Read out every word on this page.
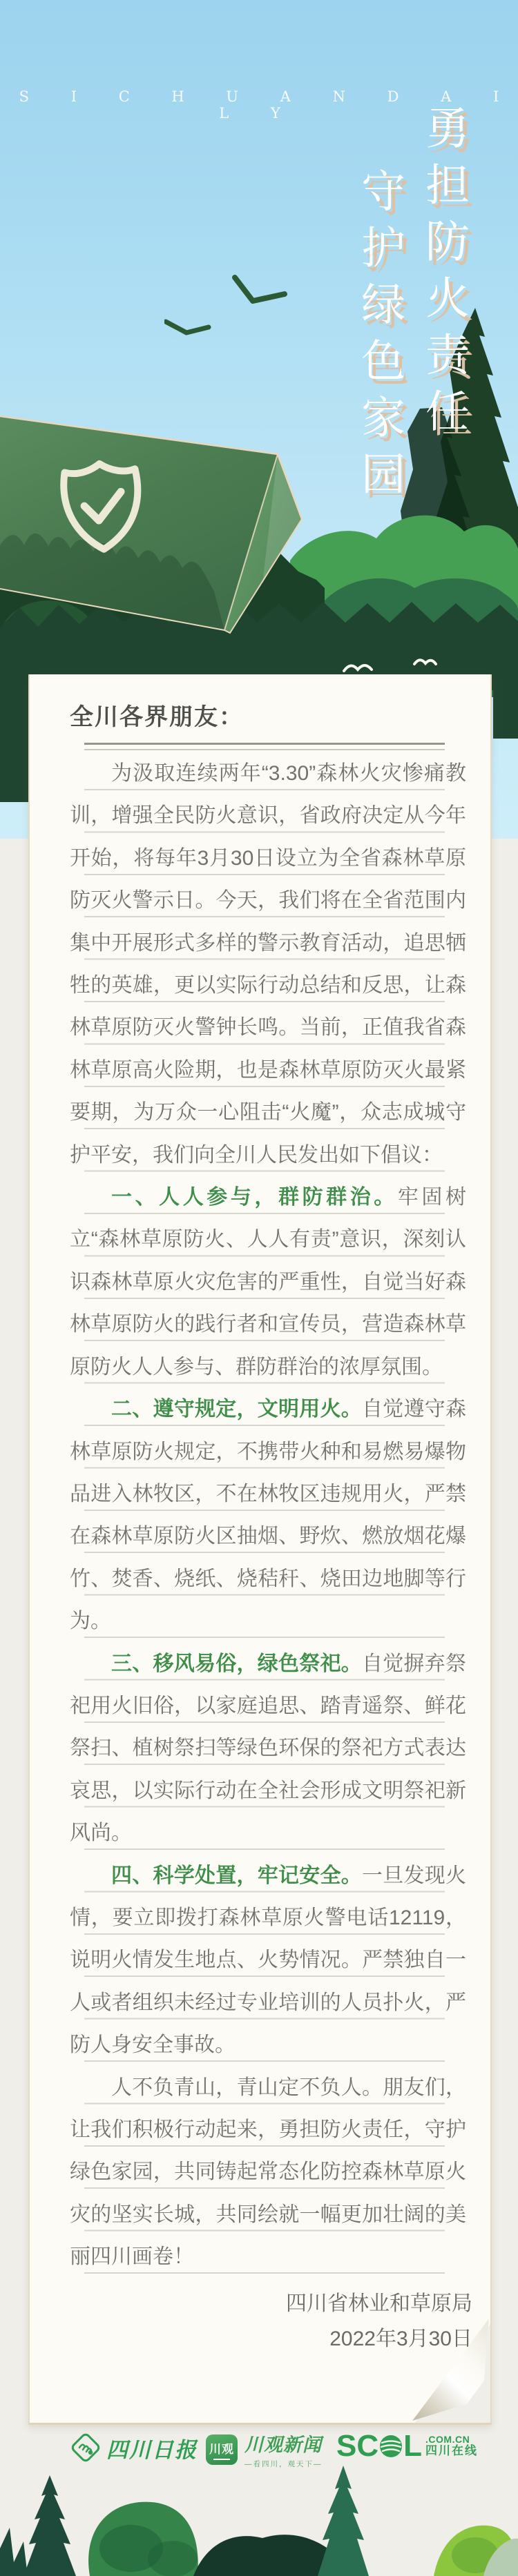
S I C H U A N D A I L Y	勇担防火责任
守护绿色家园
全川各界朋友：

为汲取连续两年“3.30”森林火灾惨痛教训，增强全民防火意识，省政府决定从今年开始，将每年3月30日设立为全省森林草原防灭火警示日。今天，我们将在全省范围内集中开展形式多样的警示教育活动，追思牺牲的英雄，更以实际行动总结和反思，让森林草原防灭火警钟长鸣。当前，正值我省森林草原高火险期，也是森林草原防灭火最紧要期，为万众一心阻击“火魔”，众志成城守护平安，我们向全川人民发出如下倡议：

一、人人参与，群防群治。牢固树立“森林草原防火、人人有责”意识，深刻认识森林草原火灾危害的严重性，自觉当好森林草原防火的践行者和宣传员，营造森林草原防火人人参与、群防群治的浓厚氛围。

二、遵守规定，文明用火。自觉遵守森林草原防火规定，不携带火种和易燃易爆物品进入林牧区，不在林牧区违规用火，严禁在森林草原防火区抽烟、野炊、燃放烟花爆竹、焚香、烧纸、烧秸秆、烧田边地脚等行为。

三、移风易俗，绿色祭祀。自觉摒弃祭祀用火旧俗，以家庭追思、踏青遥祭、鲜花祭扫、植树祭扫等绿色环保的祭祀方式表达哀思，以实际行动在全社会形成文明祭祀新风尚。

四、科学处置，牢记安全。一旦发现火情，要立即拨打森林草原火警电话12119，说明火情发生地点、火势情况。严禁独自一人或者组织未经过专业培训的人员扑火，严防人身安全事故。

人不负青山，青山定不负人。朋友们，让我们积极行动起来，勇担防火责任，守护绿色家园，共同铸起常态化防控森林草原火灾的坚实长城，共同绘就一幅更加壮阔的美丽四川画卷！

四川省林业和草原局
2022年3月30日
四川日报 川观 川观新闻
—看四川，观天下—
SC L .COM.CN
四川在线
